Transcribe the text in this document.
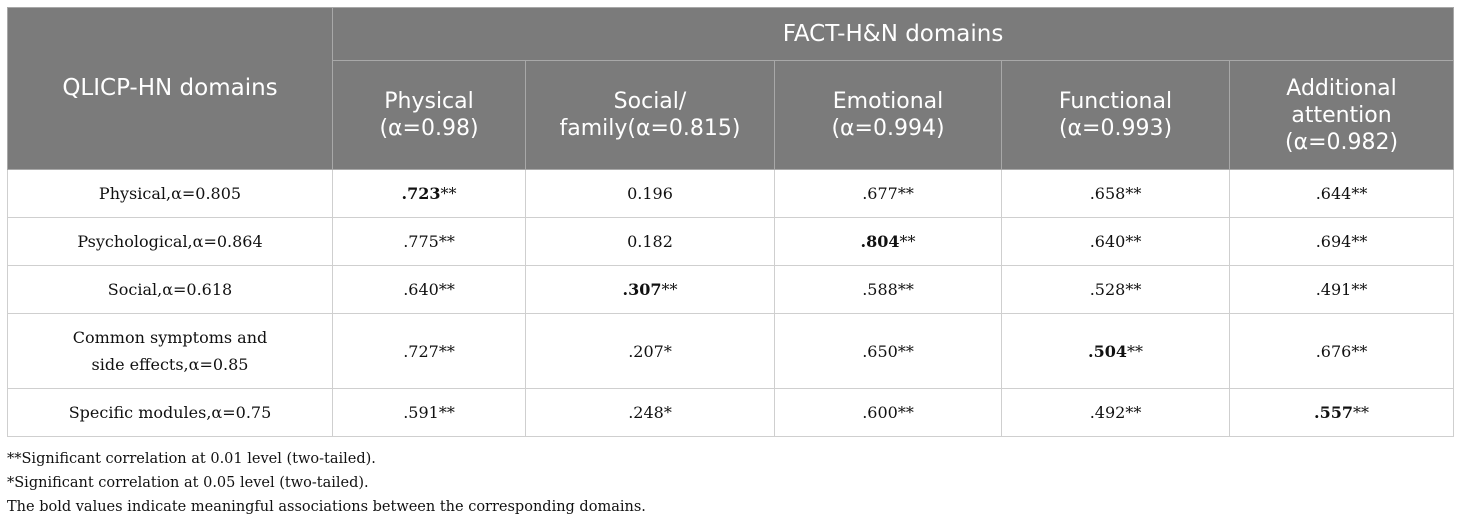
QLICP-HN domains	FACT-H&N domains				
	Physical (α=0.98)	Social/ family(α=0.815)	Emotional (α=0.994)	Functional (α=0.993)	Additional attention (α=0.982)
Physical,α=0.805	.723**	0.196	.677**	.658**	.644**
Psychological,α=0.864	.775**	0.182	.804**	.640**	.694**
Social,α=0.618	.640**	.307**	.588**	.528**	.491**
Common symptoms and side effects,α=0.85	.727**	.207*	.650**	.504**	.676**
Specific modules,α=0.75	.591**	.248*	.600**	.492**	.557**
**Significant correlation at 0.01 level (two-tailed).
*Significant correlation at 0.05 level (two-tailed).
The bold values indicate meaningful associations between the corresponding domains.
